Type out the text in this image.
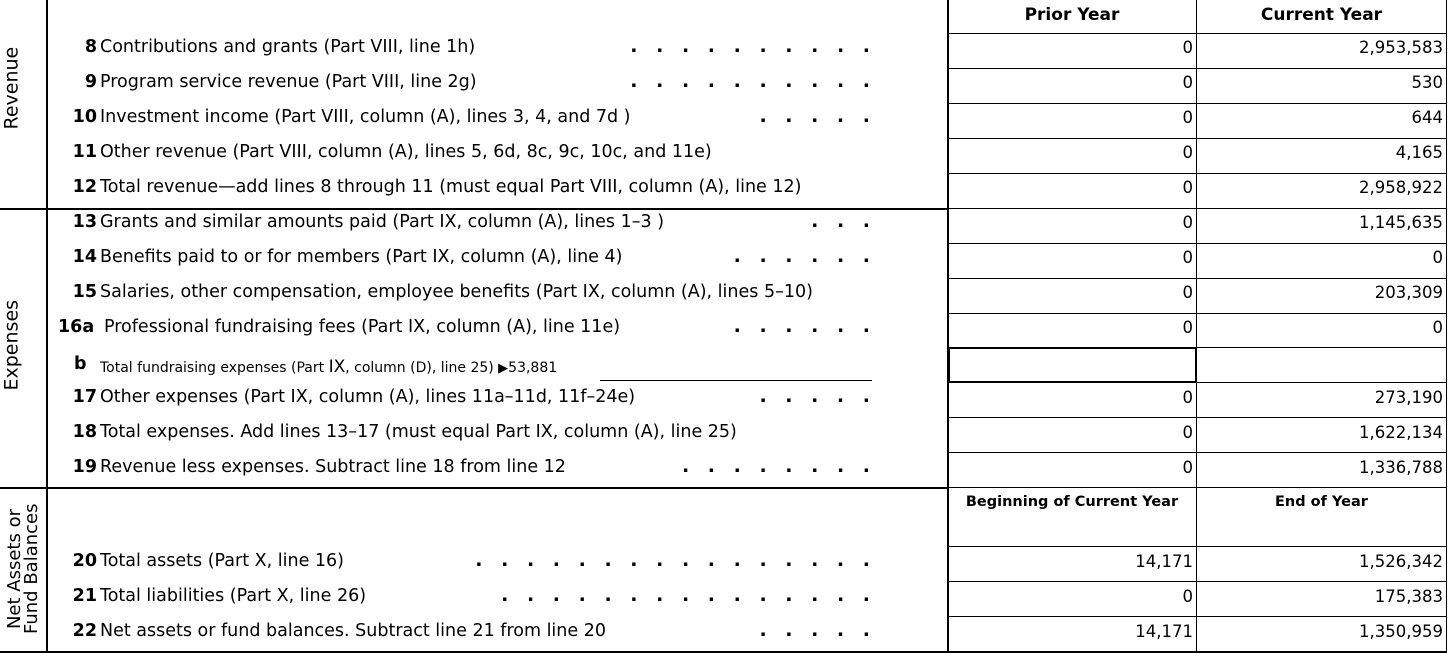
Revenue
Expenses
Net Assets or
Fund Balances
Prior Year	Current Year
Beginning of Current Year	End of Year
8 Contributions and grants (Part VIII, line 1h)	. . . . . . . . . .	0	2,953,583
9 Program service revenue (Part VIII, line 2g)	. . . . . . . . . .	0	530
10 Investment income (Part VIII, column (A), lines 3, 4, and 7d )	. . . . .	0	644
11 Other revenue (Part VIII, column (A), lines 5, 6d, 8c, 9c, 10c, and 11e)	0	4,165
12 Total revenue—add lines 8 through 11 (must equal Part VIII, column (A), line 12)	0	2,958,922
13 Grants and similar amounts paid (Part IX, column (A), lines 1–3 )	. . .	0	1,145,635
14 Benefits paid to or for members (Part IX, column (A), line 4)	. . . . . .	0	0
15 Salaries, other compensation, employee benefits (Part IX, column (A), lines 5–10)	0	203,309
16a Professional fundraising fees (Part IX, column (A), line 11e)	. . . . . .	0	0
17 Other expenses (Part IX, column (A), lines 11a–11d, 11f–24e)	. . . . .	0	273,190
18 Total expenses. Add lines 13–17 (must equal Part IX, column (A), line 25)	0	1,622,134
19 Revenue less expenses. Subtract line 18 from line 12	. . . . . . . .	0	1,336,788
20 Total assets (Part X, line 16)	. . . . . . . . . . . . . . . .	14,171	1,526,342
21 Total liabilities (Part X, line 26)	. . . . . . . . . . . . . . .	0	175,383
22 Net assets or fund balances. Subtract line 21 from line 20	. . . . .	14,171	1,350,959
b Total fundraising expenses (Part IX, column (D), line 25) ▶53,881
